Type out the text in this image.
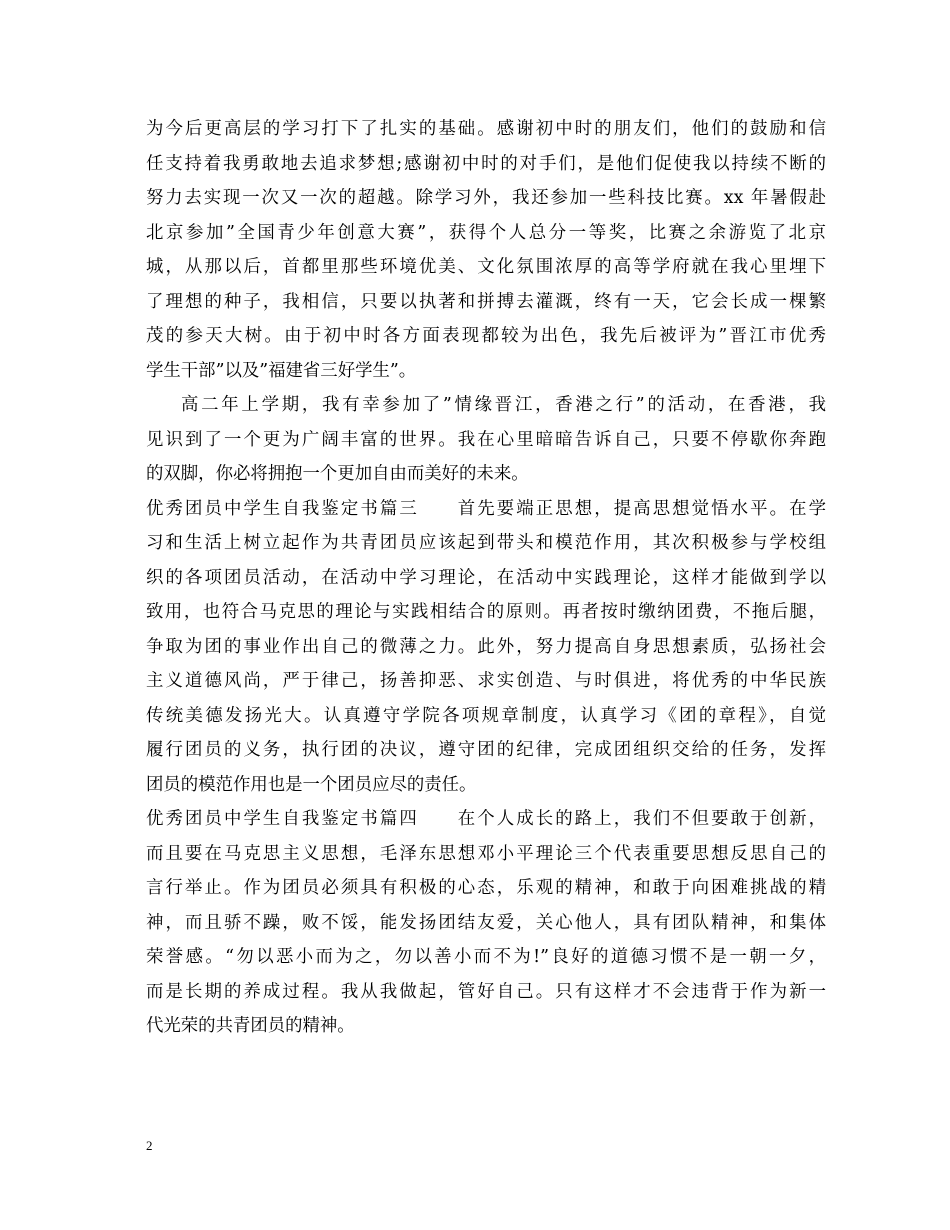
为今后更高层的学习打下了扎实的基础。感谢初中时的朋友们，他们的鼓励和信
任支持着我勇敢地去追求梦想;感谢初中时的对手们，是他们促使我以持续不断的
努力去实现一次又一次的超越。除学习外，我还参加一些科技比赛。xx 年暑假赴
北京参加”全国青少年创意大赛”，获得个人总分一等奖，比赛之余游览了北京
城，从那以后，首都里那些环境优美、文化氛围浓厚的高等学府就在我心里埋下
了理想的种子，我相信，只要以执著和拼搏去灌溉，终有一天，它会长成一棵繁
茂的参天大树。由于初中时各方面表现都较为出色，我先后被评为”晋江市优秀
学生干部”以及”福建省三好学生”。
高二年上学期，我有幸参加了”情缘晋江，香港之行”的活动，在香港，我
见识到了一个更为广阔丰富的世界。我在心里暗暗告诉自己，只要不停歇你奔跑
的双脚，你必将拥抱一个更加自由而美好的未来。
优秀团员中学生自我鉴定书篇三　　首先要端正思想，提高思想觉悟水平。在学
习和生活上树立起作为共青团员应该起到带头和模范作用，其次积极参与学校组
织的各项团员活动，在活动中学习理论，在活动中实践理论，这样才能做到学以
致用，也符合马克思的理论与实践相结合的原则。再者按时缴纳团费，不拖后腿，
争取为团的事业作出自己的微薄之力。此外，努力提高自身思想素质，弘扬社会
主义道德风尚，严于律己，扬善抑恶、求实创造、与时俱进，将优秀的中华民族
传统美德发扬光大。认真遵守学院各项规章制度，认真学习《团的章程》，自觉
履行团员的义务，执行团的决议，遵守团的纪律，完成团组织交给的任务，发挥
团员的模范作用也是一个团员应尽的责任。
优秀团员中学生自我鉴定书篇四　　在个人成长的路上，我们不但要敢于创新，
而且要在马克思主义思想，毛泽东思想邓小平理论三个代表重要思想反思自己的
言行举止。作为团员必须具有积极的心态，乐观的精神，和敢于向困难挑战的精
神，而且骄不躁，败不馁，能发扬团结友爱，关心他人，具有团队精神，和集体
荣誉感。“勿以恶小而为之，勿以善小而不为!”良好的道德习惯不是一朝一夕，
而是长期的养成过程。我从我做起，管好自己。只有这样才不会违背于作为新一
代光荣的共青团员的精神。
2
